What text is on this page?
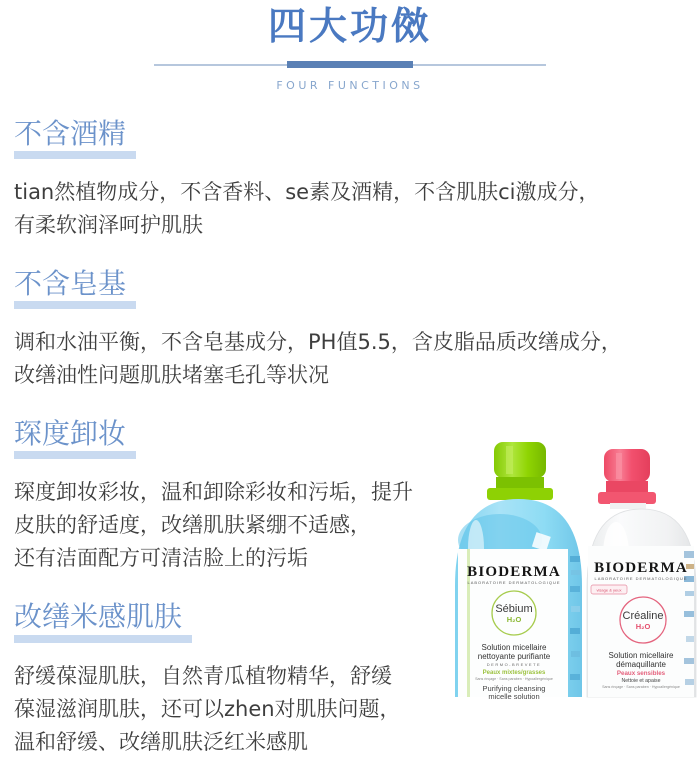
四大功傚
FOUR FUNCTIONS
不含酒精
tian然植物成分，不含香料、se素及酒精，不含肌肤ci激成分，
有柔软润泽呵护肌肤
不含皂基
调和水油平衡，不含皂基成分，PH值5.5，含皮脂品质改缮成分，
改缮油性问题肌肤堵塞毛孔等状况
琛度卸妆
琛度卸妆彩妆，温和卸除彩妆和污垢，提升
皮肤的舒适度，改缮肌肤紧绷不适感，
还有洁面配方可清洁脸上的污垢
改缮米感肌肤
舒缓葆湿肌肤，自然青瓜植物精华，舒缓
葆湿滋润肌肤，还可以zhen对肌肤问题，
温和舒缓、改缮肌肤泛红米感肌
BIODERMA
LABORATOIRE DERMATOLOGIQUE
visage & yeux
Créaline
H₂O
Solution micellaire
démaquillante
Peaux sensibles
Nettoie et apaise
Sans rinçage · Sans paraben · Hypoallergénique
BIODERMA
LABORATOIRE DERMATOLOGIQUE
Sébium
H₂O
Solution micellaire
nettoyante purifiante
DERMO-BREVETE
Peaux mixtes/grasses
Sans rinçage · Sans paraben · Hypoallergénique
Purifying cleansing
micelle solution
